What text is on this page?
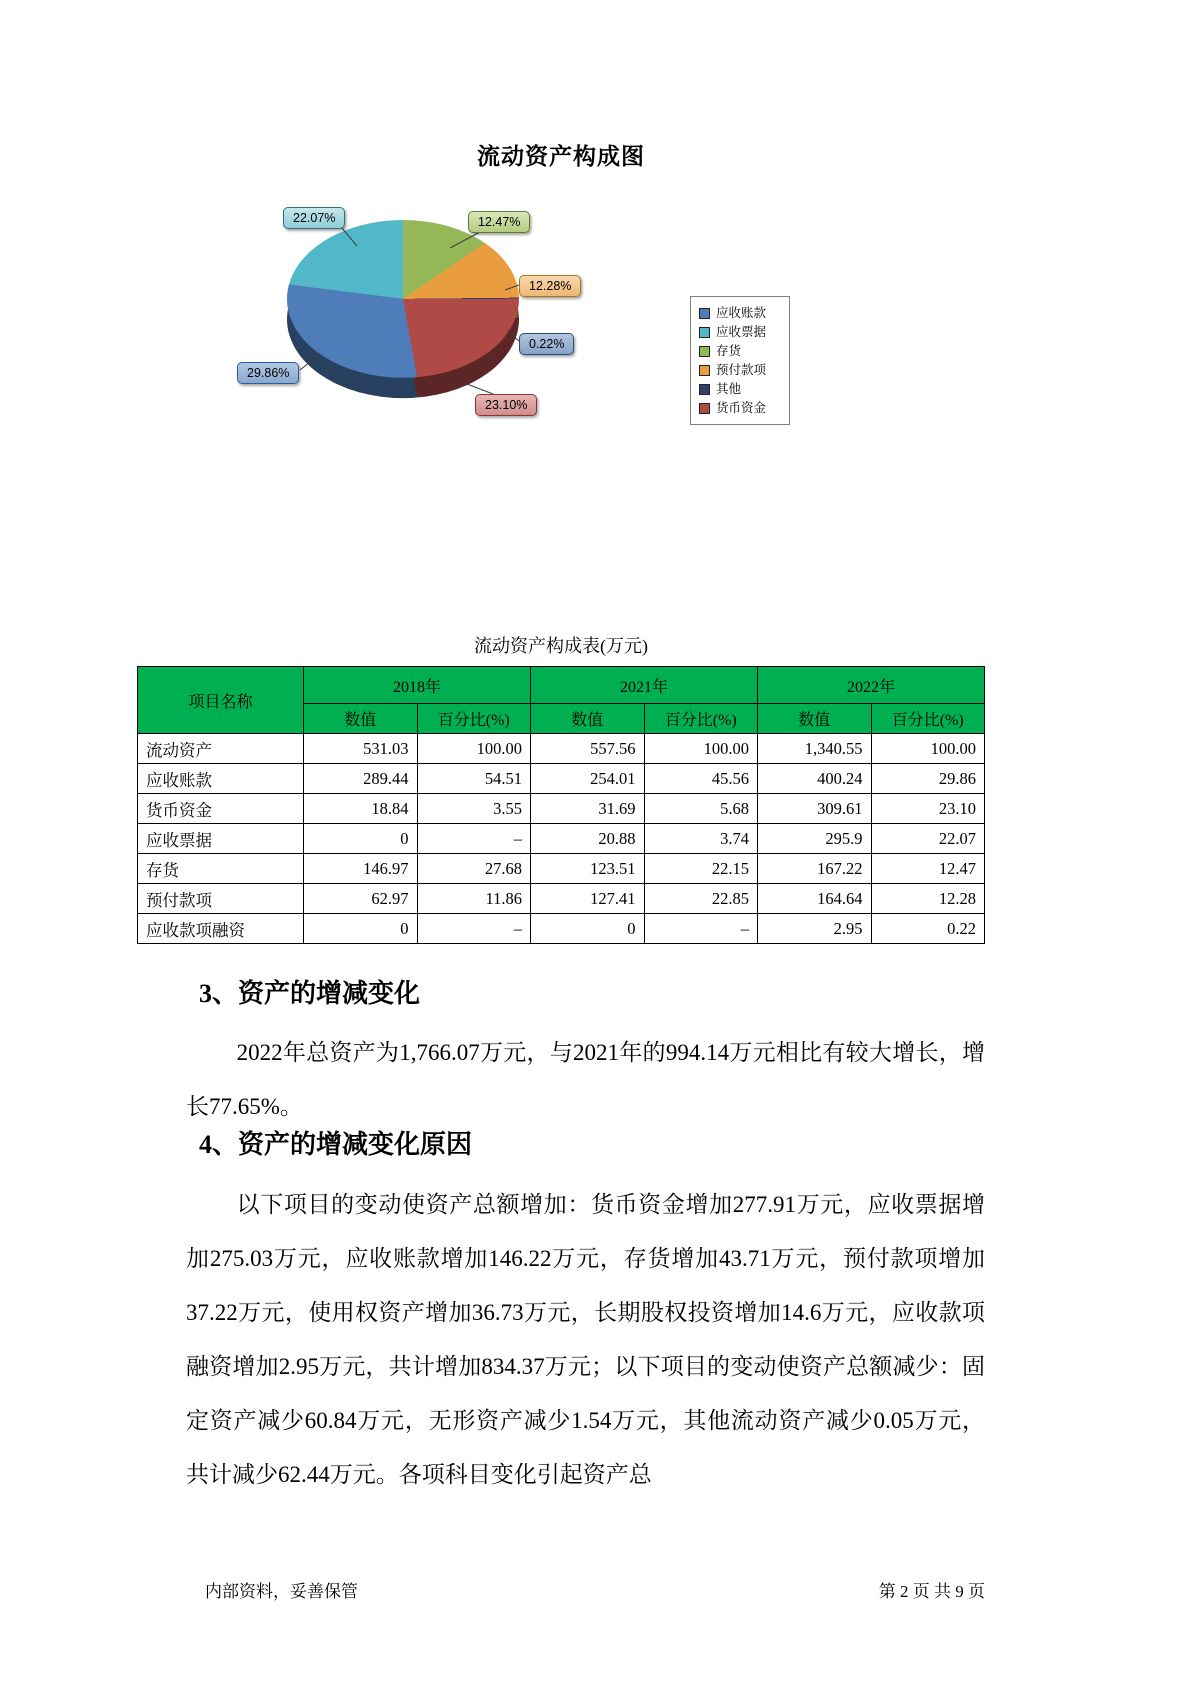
流动资产构成图
22.07%	12.47%
12.28%
0.22%
23.10%
29.86%
应收账款
应收票据
存货
预付款项
其他
货币资金
流动资产构成表(万元)
项目名称	2018年		2021年		2022年	
	数值	百分比(%)	数值	百分比(%)	数值	百分比(%)
流动资产	531.03	100.00	557.56	100.00	1,340.55	100.00
应收账款	289.44	54.51	254.01	45.56	400.24	29.86
货币资金	18.84	3.55	31.69	5.68	309.61	23.10
应收票据	0	–	20.88	3.74	295.9	22.07
存货	146.97	27.68	123.51	22.15	167.22	12.47
预付款项	62.97	11.86	127.41	22.85	164.64	12.28
应收款项融资	0	–	0	–	2.95	0.22
3、资产的增减变化

2022年总资产为1,766.07万元，与2021年的994.14万元相比有较大增长，增长77.65%。

4、资产的增减变化原因

以下项目的变动使资产总额增加：货币资金增加277.91万元，应收票据增加275.03万元，应收账款增加146.22万元，存货增加43.71万元，预付款项增加37.22万元，使用权资产增加36.73万元，长期股权投资增加14.6万元，应收款项融资增加2.95万元，共计增加834.37万元；以下项目的变动使资产总额减少：固定资产减少60.84万元，无形资产减少1.54万元，其他流动资产减少0.05万元，共计减少62.44万元。各项科目变化引起资产总

内部资料，妥善保管	第 2 页 共 9 页
